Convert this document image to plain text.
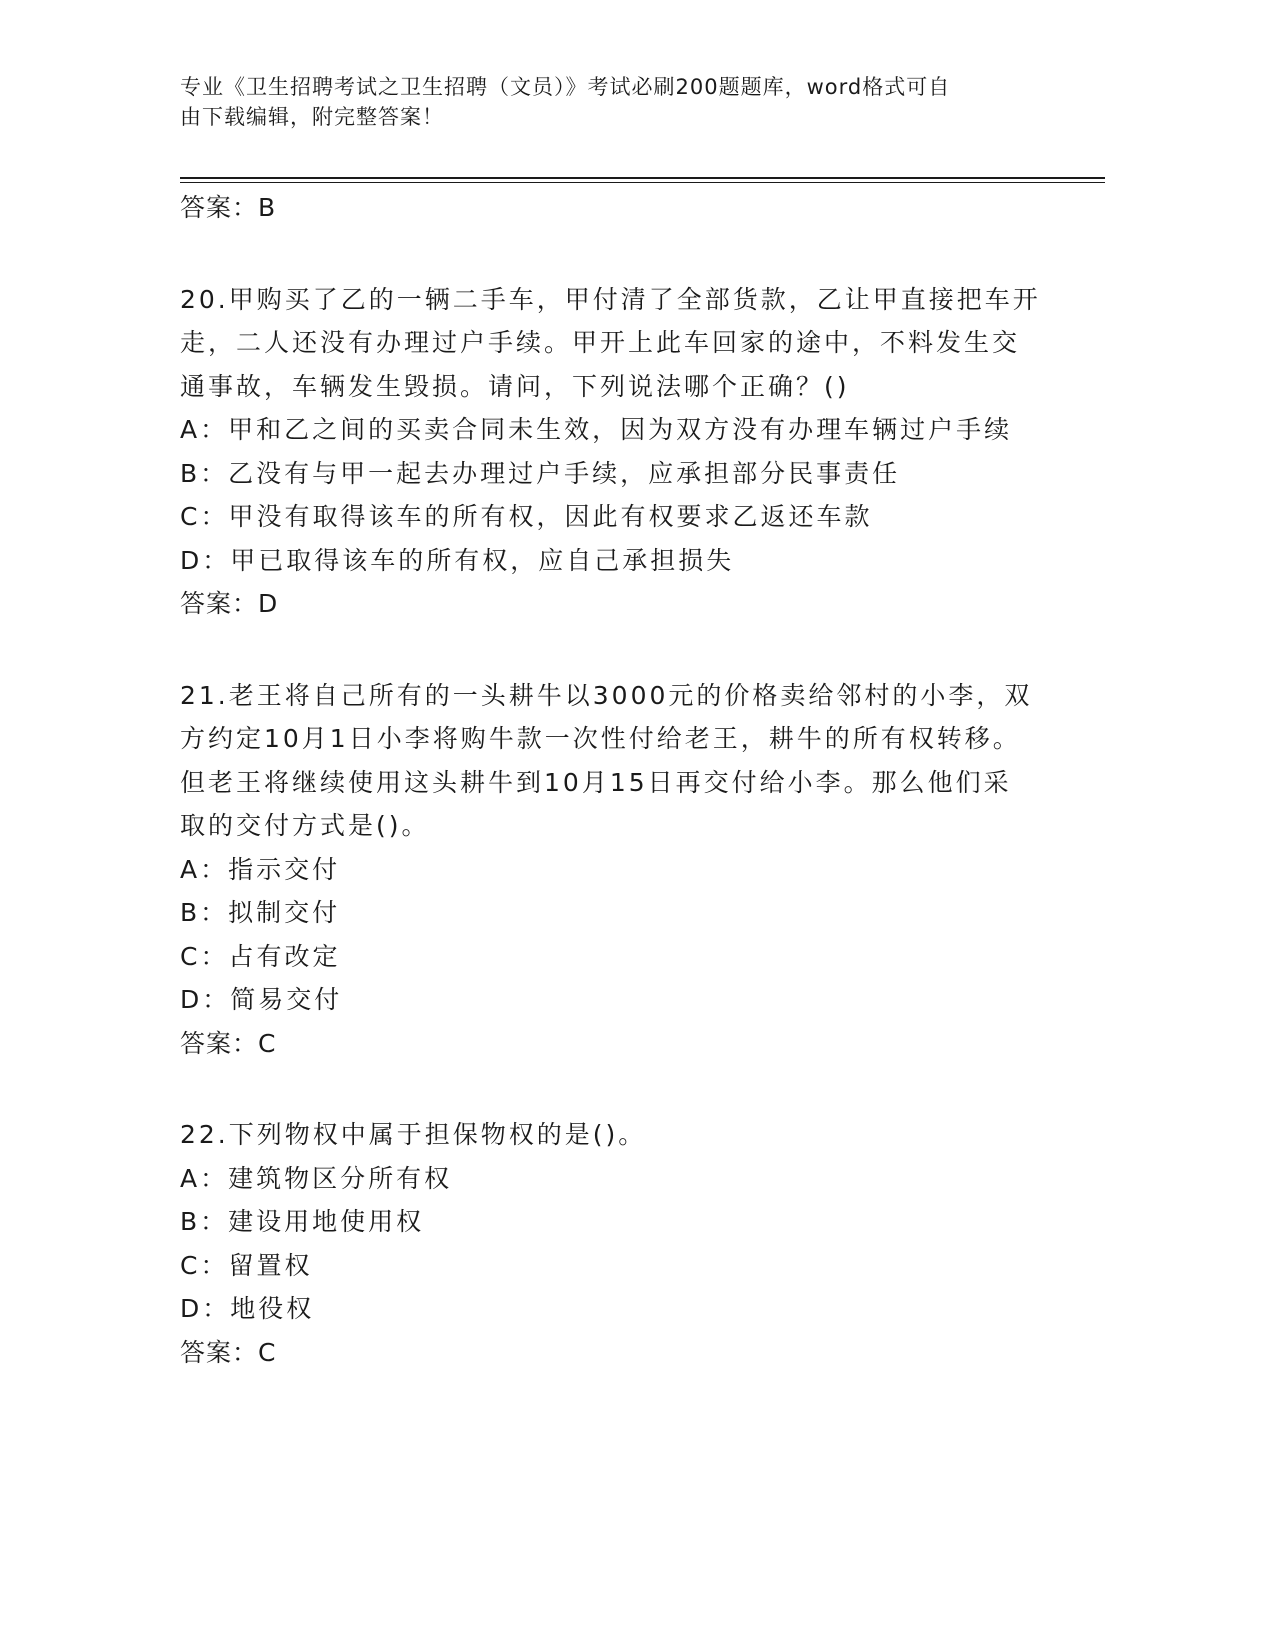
专业《卫生招聘考试之卫生招聘（文员）》考试必刷200题题库，word格式可自
由下载编辑，附完整答案！
答案：B
20.甲购买了乙的一辆二手车，甲付清了全部货款，乙让甲直接把车开
走，二人还没有办理过户手续。甲开上此车回家的途中，不料发生交
通事故，车辆发生毁损。请问，下列说法哪个正确？()
A：甲和乙之间的买卖合同未生效，因为双方没有办理车辆过户手续
B：乙没有与甲一起去办理过户手续，应承担部分民事责任
C：甲没有取得该车的所有权，因此有权要求乙返还车款
D：甲已取得该车的所有权，应自己承担损失
答案：D
21.老王将自己所有的一头耕牛以3000元的价格卖给邻村的小李，双
方约定10月1日小李将购牛款一次性付给老王，耕牛的所有权转移。
但老王将继续使用这头耕牛到10月15日再交付给小李。那么他们采
取的交付方式是()。
A：指示交付
B：拟制交付
C：占有改定
D：简易交付
答案：C
22.下列物权中属于担保物权的是()。
A：建筑物区分所有权
B：建设用地使用权
C：留置权
D：地役权
答案：C
